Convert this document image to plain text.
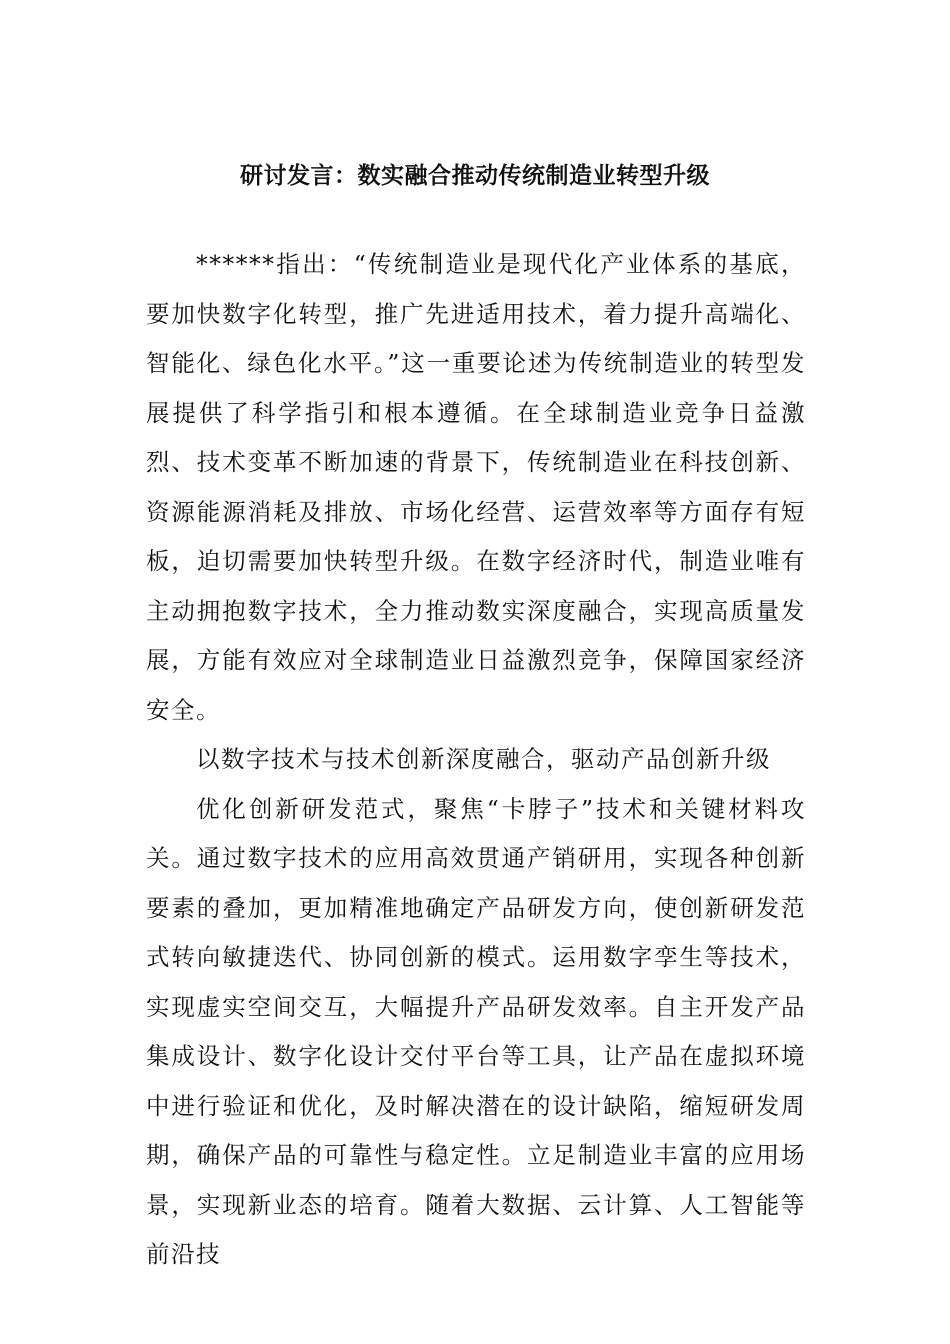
研讨发言：数实融合推动传统制造业转型升级

******指出：“传统制造业是现代化产业体系的基底，要加快数字化转型，推广先进适用技术，着力提升高端化、智能化、绿色化水平。”这一重要论述为传统制造业的转型发展提供了科学指引和根本遵循。在全球制造业竞争日益激烈、技术变革不断加速的背景下，传统制造业在科技创新、资源能源消耗及排放、市场化经营、运营效率等方面存有短板，迫切需要加快转型升级。在数字经济时代，制造业唯有主动拥抱数字技术，全力推动数实深度融合，实现高质量发展，方能有效应对全球制造业日益激烈竞争，保障国家经济安全。

以数字技术与技术创新深度融合，驱动产品创新升级

优化创新研发范式，聚焦“卡脖子”技术和关键材料攻关。通过数字技术的应用高效贯通产销研用，实现各种创新要素的叠加，更加精准地确定产品研发方向，使创新研发范式转向敏捷迭代、协同创新的模式。运用数字孪生等技术，实现虚实空间交互，大幅提升产品研发效率。自主开发产品集成设计、数字化设计交付平台等工具，让产品在虚拟环境中进行验证和优化，及时解决潜在的设计缺陷，缩短研发周期，确保产品的可靠性与稳定性。立足制造业丰富的应用场景，实现新业态的培育。随着大数据、云计算、人工智能等前沿技
